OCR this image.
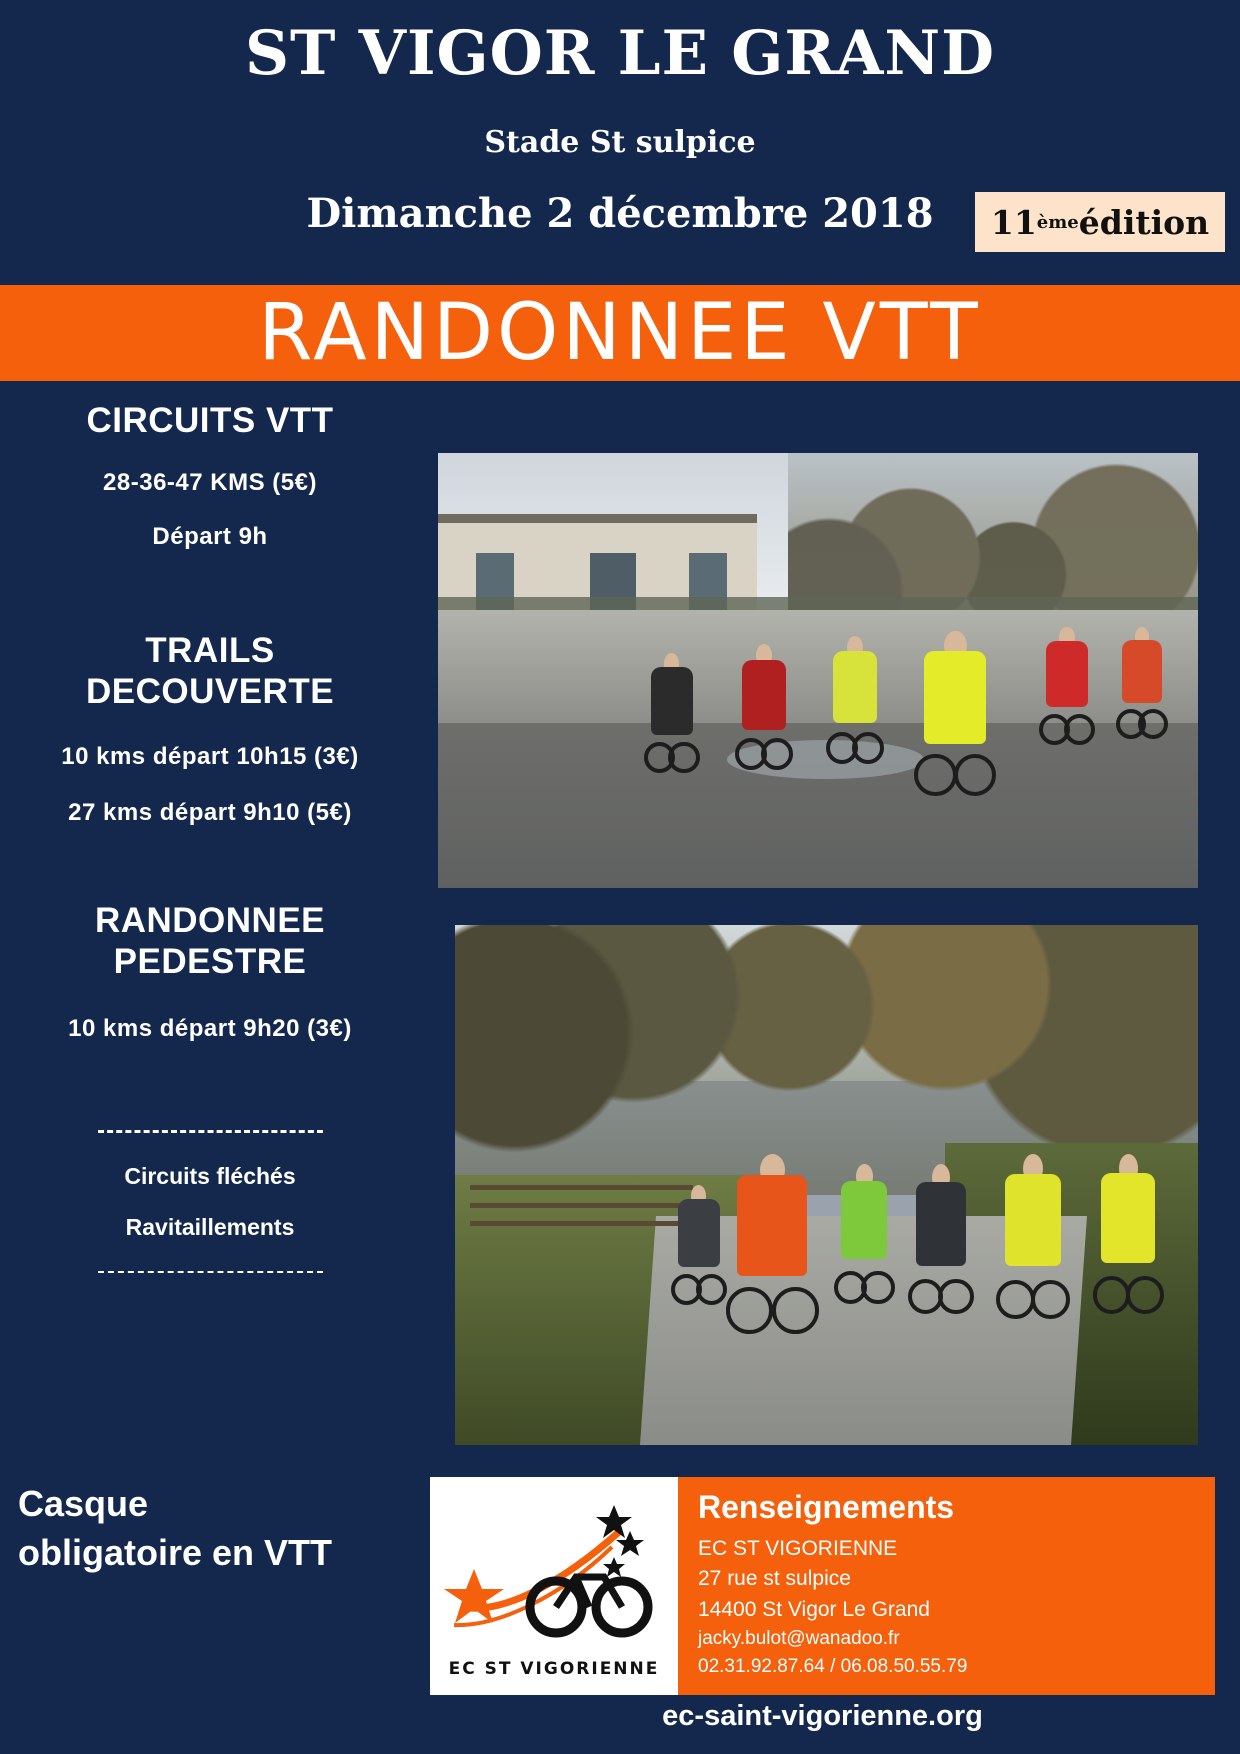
ST VIGOR LE GRAND
Stade St sulpice
Dimanche 2 décembre 2018	11 ème édition
RANDONNEE VTT
CIRCUITS VTT
28-36-47 KMS (5€)
Départ 9h
TRAILS
DECOUVERTE
10 kms départ 10h15 (3€)
27 kms départ 9h10 (5€)
RANDONNEE
PEDESTRE
10 kms départ 9h20 (3€)
Circuits fléchés
Ravitaillements
Casque
obligatoire en VTT
EC ST VIGORIENNE
Renseignements
EC ST VIGORIENNE
27 rue st sulpice
14400 St Vigor Le Grand
jacky.bulot@wanadoo.fr
02.31.92.87.64 / 06.08.50.55.79
ec-saint-vigorienne.org
